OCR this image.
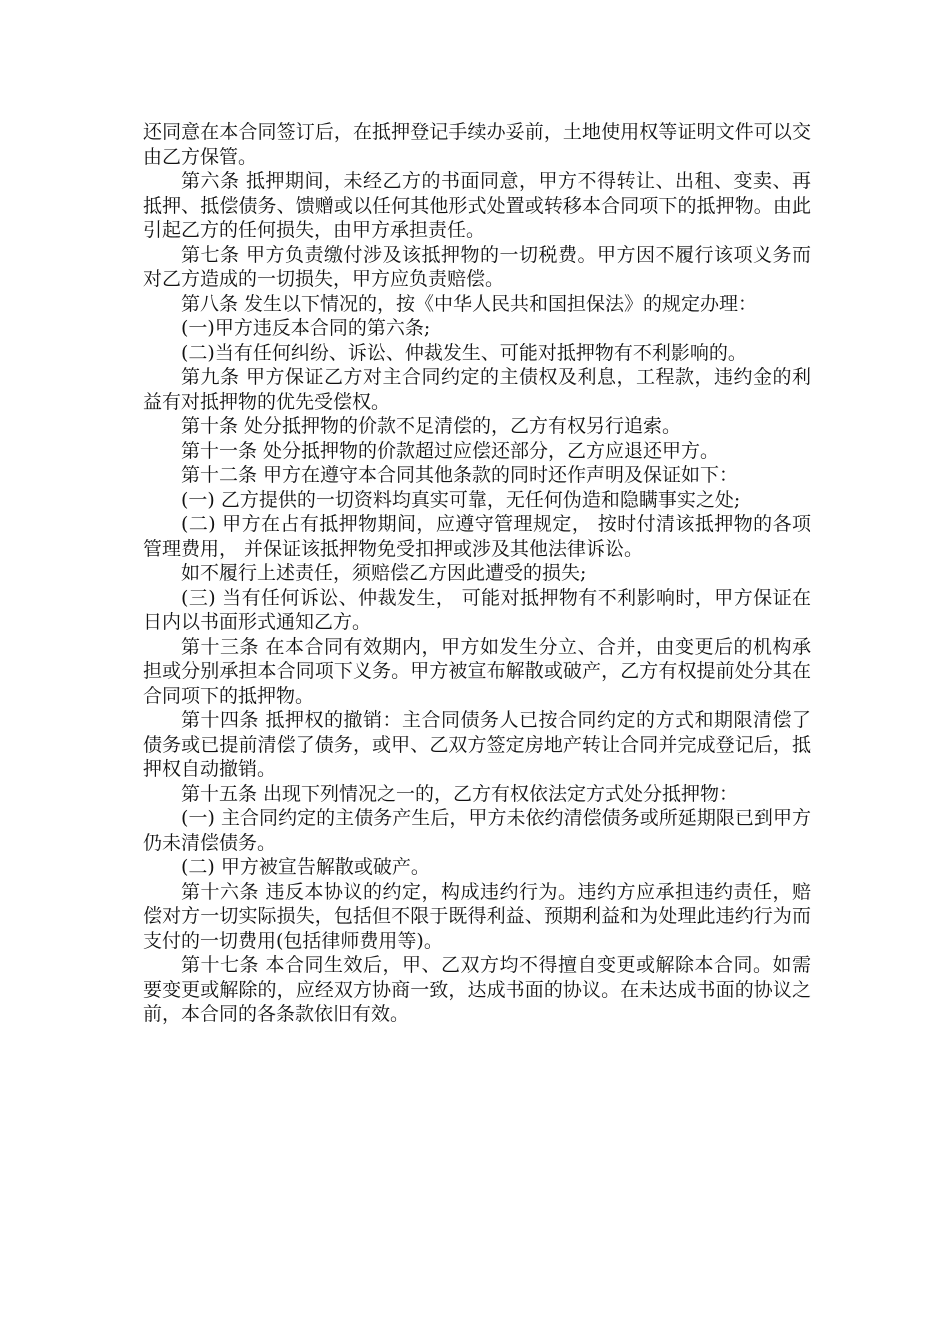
还同意在本合同签订后，在抵押登记手续办妥前，土地使用权等证明文件可以交由乙方保管。

第六条 抵押期间，未经乙方的书面同意，甲方不得转让、出租、变卖、再抵押、抵偿债务、馈赠或以任何其他形式处置或转移本合同项下的抵押物。由此引起乙方的任何损失，由甲方承担责任。

第七条 甲方负责缴付涉及该抵押物的一切税费。甲方因不履行该项义务而对乙方造成的一切损失，甲方应负责赔偿。

第八条 发生以下情况的，按《中华人民共和国担保法》的规定办理：

(一)甲方违反本合同的第六条;

(二)当有任何纠纷、诉讼、仲裁发生、可能对抵押物有不利影响的。

第九条 甲方保证乙方对主合同约定的主债权及利息，工程款，违约金的利益有对抵押物的优先受偿权。

第十条 处分抵押物的价款不足清偿的，乙方有权另行追索。

第十一条 处分抵押物的价款超过应偿还部分，乙方应退还甲方。

第十二条 甲方在遵守本合同其他条款的同时还作声明及保证如下：

(一) 乙方提供的一切资料均真实可靠，无任何伪造和隐瞒事实之处;

(二) 甲方在占有抵押物期间，应遵守管理规定， 按时付清该抵押物的各项管理费用， 并保证该抵押物免受扣押或涉及其他法律诉讼。

如不履行上述责任，须赔偿乙方因此遭受的损失;

(三) 当有任何诉讼、仲裁发生， 可能对抵押物有不利影响时，甲方保证在 日内以书面形式通知乙方。

第十三条 在本合同有效期内，甲方如发生分立、合并，由变更后的机构承担或分别承担本合同项下义务。甲方被宣布解散或破产，乙方有权提前处分其在合同项下的抵押物。

第十四条 抵押权的撤销：主合同债务人已按合同约定的方式和期限清偿了债务或已提前清偿了债务，或甲、乙双方签定房地产转让合同并完成登记后，抵押权自动撤销。

第十五条 出现下列情况之一的，乙方有权依法定方式处分抵押物：

(一) 主合同约定的主债务产生后，甲方未依约清偿债务或所延期限已到甲方仍未清偿债务。

(二) 甲方被宣告解散或破产。

第十六条 违反本协议的约定，构成违约行为。违约方应承担违约责任，赔偿对方一切实际损失，包括但不限于既得利益、预期利益和为处理此违约行为而支付的一切费用(包括律师费用等)。

第十七条 本合同生效后，甲、乙双方均不得擅自变更或解除本合同。如需要变更或解除的，应经双方协商一致，达成书面的协议。在未达成书面的协议之前，本合同的各条款依旧有效。
